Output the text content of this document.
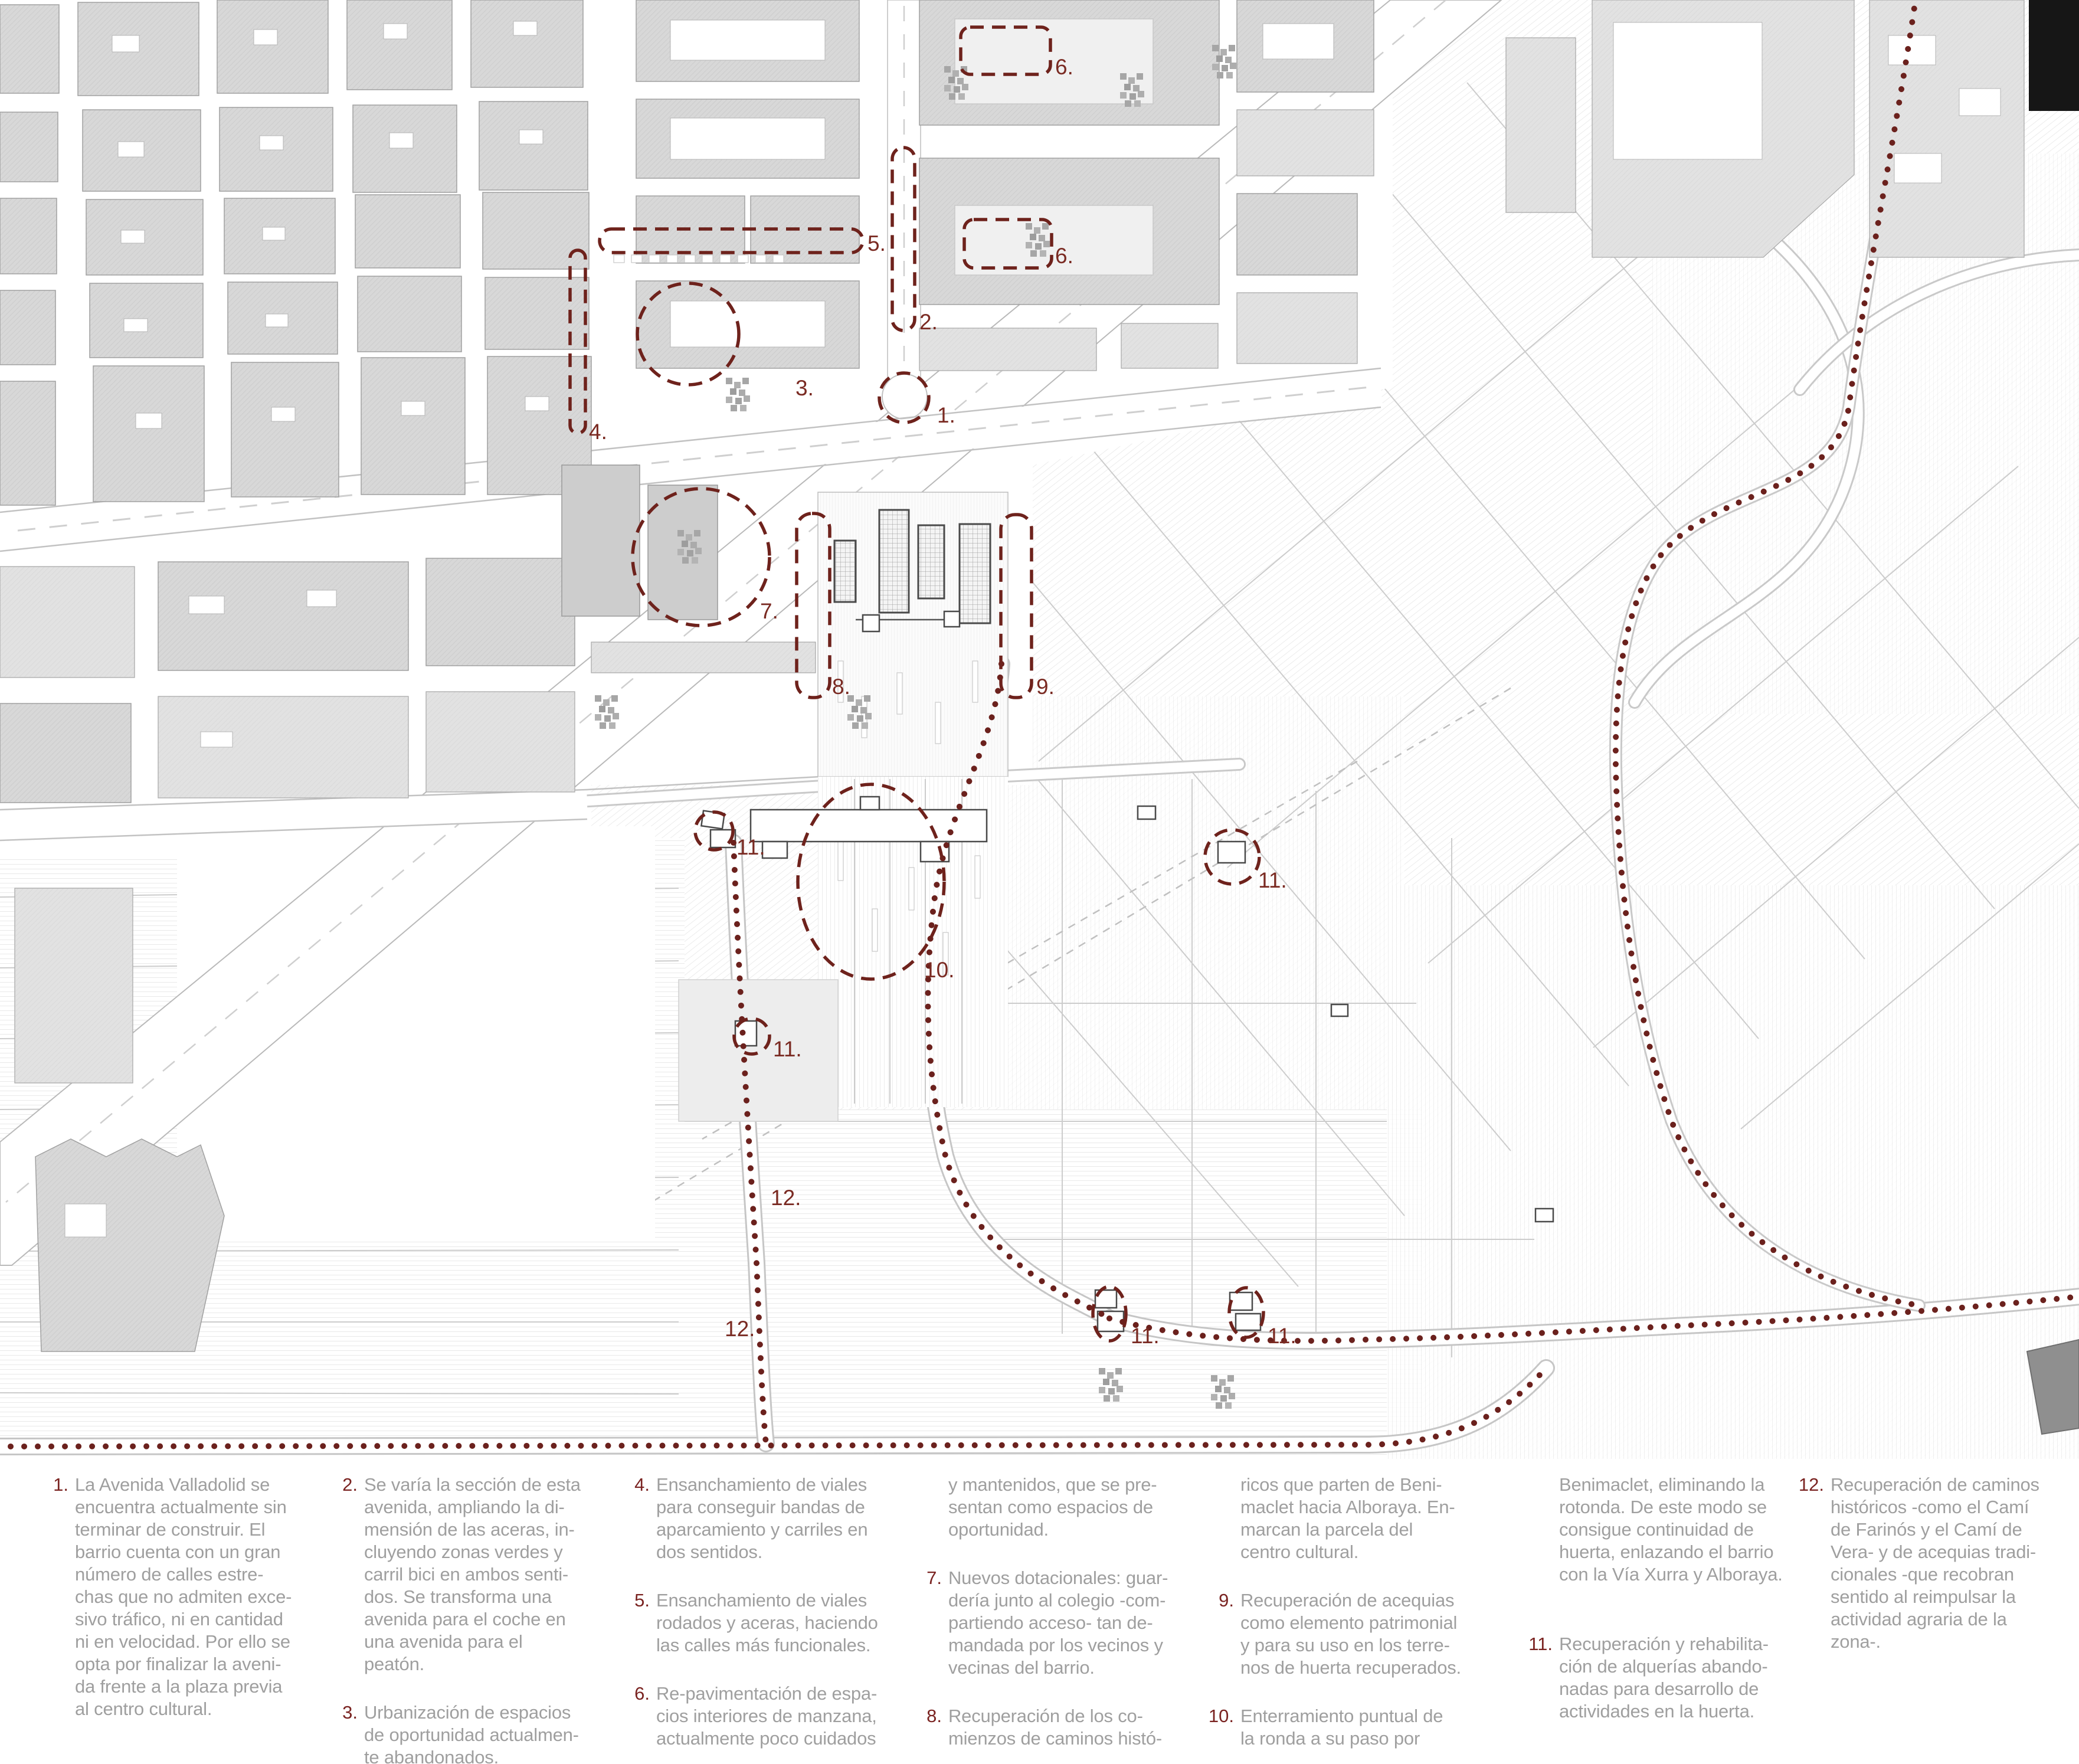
5.
2.
3.
4.
1.
6.
6.
7.
8.	9.
10.
11.
11.
11.
11.	11.
12.
12.
1. La Avenida Valladolid se
encuentra actualmente sin
terminar de construir. El
barrio cuenta con un gran
número de calles estre-
chas que no admiten exce-
sivo tráfico, ni en cantidad
ni en velocidad. Por ello se
opta por finalizar la aveni-
da frente a la plaza previa
al centro cultural.
2. Se varía la sección de esta
avenida, ampliando la di-
mensión de las aceras, in-
cluyendo zonas verdes y
carril bici en ambos senti-
dos. Se transforma una
avenida para el coche en
una avenida para el peatón.
3. Urbanización de espacios
de oportunidad actualmen-
te abandonados.
4. Ensanchamiento de viales
para conseguir bandas de
aparcamiento y carriles en
dos sentidos.
5. Ensanchamiento de viales
rodados y aceras, haciendo
las calles más funcionales.
6. Re-pavimentación de espa-
cios interiores de manzana,
actualmente poco cuidados
y mantenidos, que se pre-
sentan como espacios de
oportunidad.
7. Nuevos dotacionales: guar-
dería junto al colegio -com-
partiendo acceso- tan de-
mandada por los vecinos y
vecinas del barrio.
8. Recuperación de los co-
mienzos de caminos histó-
ricos que parten de Beni-
maclet hacia Alboraya. En-
marcan la parcela del
centro cultural.
9. Recuperación de acequias
como elemento patrimonial
y para su uso en los terre-
nos de huerta recuperados.
10. Enterramiento puntual de
la ronda a su paso por
Benimaclet, eliminando la
rotonda. De este modo se
consigue continuidad de
huerta, enlazando el barrio
con la Vía Xurra y Alboraya.
11. Recuperación y rehabilita-
ción de alquerías abando-
nadas para desarrollo de
actividades en la huerta.
12. Recuperación de caminos
históricos -como el Camí
de Farinós y el Camí de
Vera- y de acequias tradi-
cionales -que recobran
sentido al reimpulsar la
actividad agraria de la
zona-.
